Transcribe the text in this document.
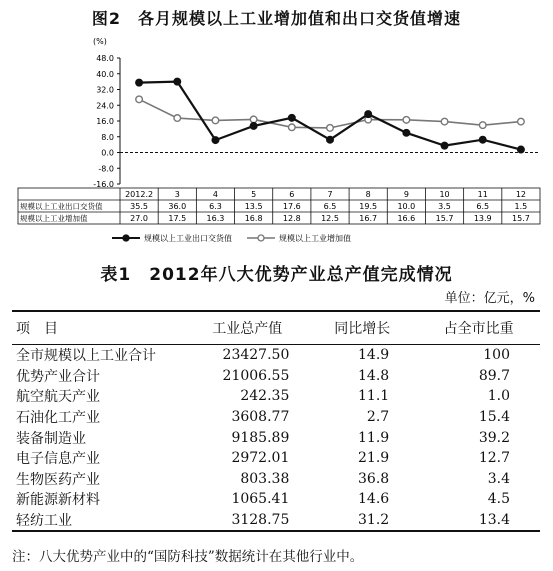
图2　各月规模以上工业增加值和出口交货值增速
(%)
48.0
40.0
32.0
24.0
16.0
8.0
0.0
-8.0
-16.0
2012.2	3	4	5	6	7	8	9	10	11	12
规模以上工业出口交货值	35.5	36.0	6.3	13.5	17.6	6.5	19.5	10.0	3.5	6.5	1.5
规模以上工业增加值	27.0	17.5	16.3	16.8	12.8	12.5	16.7	16.6	15.7	13.9	15.7
规模以上工业出口交货值	规模以上工业增加值
表1　2012年八大优势产业总产值完成情况
单位：亿元，%
项　目	工业总产值	同比增长	占全市比重
全市规模以上工业合计	23427.50	14.9	100
优势产业合计	21006.55	14.8	89.7
航空航天产业	242.35	11.1	1.0
石油化工产业	3608.77	2.7	15.4
装备制造业	9185.89	11.9	39.2
电子信息产业	2972.01	21.9	12.7
生物医药产业	803.38	36.8	3.4
新能源新材料	1065.41	14.6	4.5
轻纺工业	3128.75	31.2	13.4
注：八大优势产业中的“国防科技”数据统计在其他行业中。
